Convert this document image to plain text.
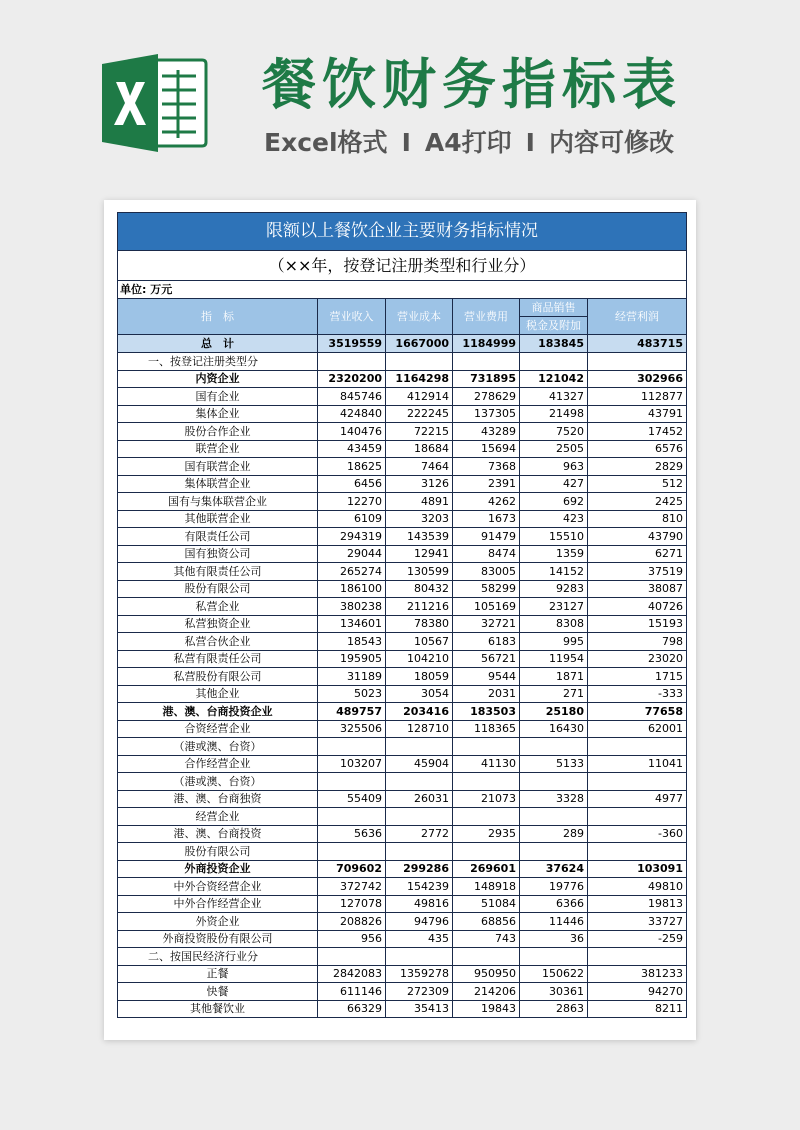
餐饮财务指标表
Excel格式 I A4打印 I 内容可修改
限额以上餐饮企业主要财务指标情况					
（××年，按登记注册类型和行业分）					
单位: 万元					
指　标	营业收入	营业成本	营业费用	商品销售	经营利润
				税金及附加	
总　计	3519559	1667000	1184999	183845	483715
一、按登记注册类型分					
内资企业	2320200	1164298	731895	121042	302966
国有企业	845746	412914	278629	41327	112877
集体企业	424840	222245	137305	21498	43791
股份合作企业	140476	72215	43289	7520	17452
联营企业	43459	18684	15694	2505	6576
国有联营企业	18625	7464	7368	963	2829
集体联营企业	6456	3126	2391	427	512
国有与集体联营企业	12270	4891	4262	692	2425
其他联营企业	6109	3203	1673	423	810
有限责任公司	294319	143539	91479	15510	43790
国有独资公司	29044	12941	8474	1359	6271
其他有限责任公司	265274	130599	83005	14152	37519
股份有限公司	186100	80432	58299	9283	38087
私营企业	380238	211216	105169	23127	40726
私营独资企业	134601	78380	32721	8308	15193
私营合伙企业	18543	10567	6183	995	798
私营有限责任公司	195905	104210	56721	11954	23020
私营股份有限公司	31189	18059	9544	1871	1715
其他企业	5023	3054	2031	271	-333
港、澳、台商投资企业	489757	203416	183503	25180	77658
合资经营企业	325506	128710	118365	16430	62001
（港或澳、台资）					
合作经营企业	103207	45904	41130	5133	11041
（港或澳、台资）					
港、澳、台商独资	55409	26031	21073	3328	4977
经营企业					
港、澳、台商投资	5636	2772	2935	289	-360
股份有限公司					
外商投资企业	709602	299286	269601	37624	103091
中外合资经营企业	372742	154239	148918	19776	49810
中外合作经营企业	127078	49816	51084	6366	19813
外资企业	208826	94796	68856	11446	33727
外商投资股份有限公司	956	435	743	36	-259
二、按国民经济行业分					
正餐	2842083	1359278	950950	150622	381233
快餐	611146	272309	214206	30361	94270
其他餐饮业	66329	35413	19843	2863	8211
